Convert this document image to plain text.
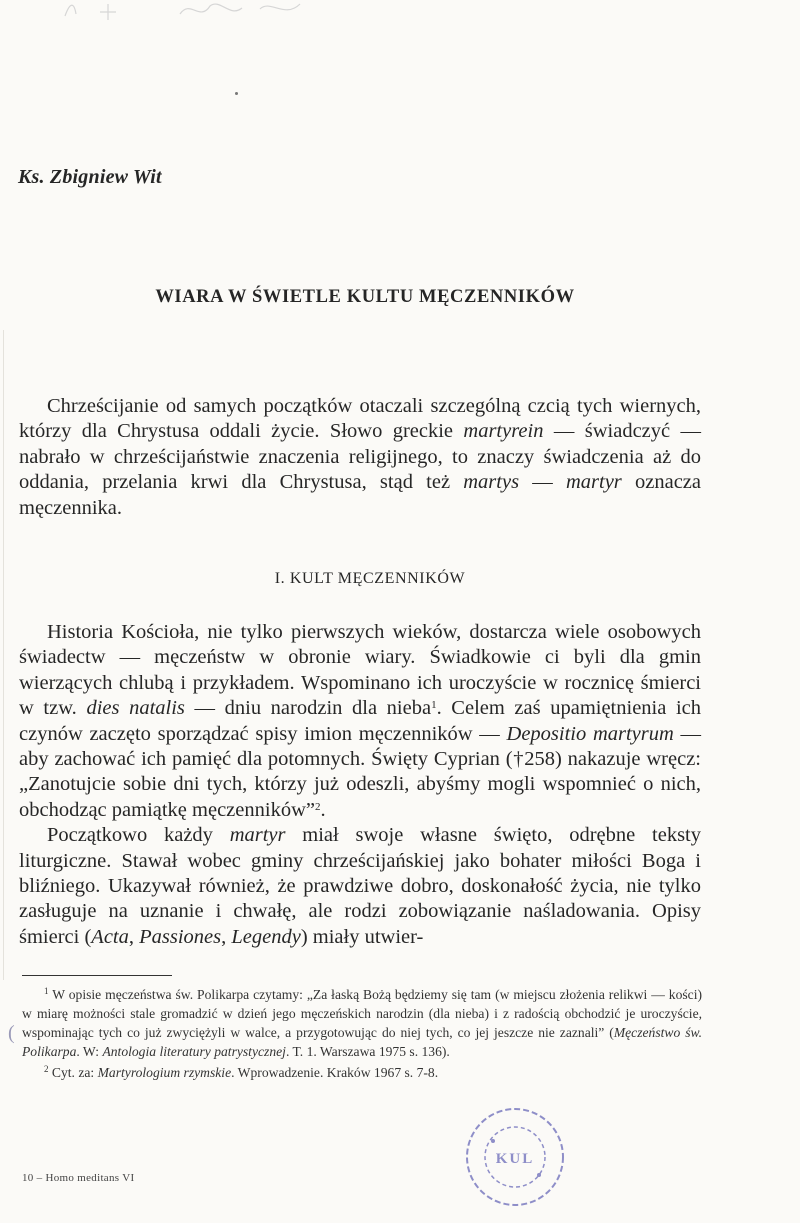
Ks. Zbigniew Wit
WIARA W ŚWIETLE KULTU MĘCZENNIKÓW

Chrześcijanie od samych początków otaczali szczególną czcią tych wiernych, którzy dla Chrystusa oddali życie. Słowo greckie martyrein — świadczyć — nabrało w chrześcijaństwie znaczenia religijnego, to znaczy świadczenia aż do oddania, przelania krwi dla Chrystusa, stąd też martys — martyr oznacza męczennika.

I. KULT MĘCZENNIKÓW

Historia Kościoła, nie tylko pierwszych wieków, dostarcza wiele osobowych świadectw — męczeństw w obronie wiary. Świadkowie ci byli dla gmin wierzących chlubą i przykładem. Wspominano ich uroczyście w rocznicę śmierci w tzw. dies natalis — dniu narodzin dla nieba$^1$. Celem zaś upamiętnienia ich czynów zaczęto sporządzać spisy imion męczenników — Depositio martyrum — aby zachować ich pamięć dla potomnych. Święty Cyprian (†258) nakazuje wręcz: „Zanotujcie sobie dni tych, którzy już odeszli, abyśmy mogli wspomnieć o nich, obchodząc pamiątkę męczenników”$^2$.

Początkowo każdy martyr miał swoje własne święto, odrębne teksty liturgiczne. Stawał wobec gminy chrześcijańskiej jako bohater miłości Boga i bliźniego. Ukazywał również, że prawdziwe dobro, doskonałość życia, nie tylko zasługuje na uznanie i chwałę, ale rodzi zobowiązanie naśladowania. Opisy śmierci (Acta, Passiones, Legendy) miały utwier-

(

$^1$ W opisie męczeństwa św. Polikarpa czytamy: „Za łaską Bożą będziemy się tam (w miejscu złożenia relikwi — kości) w miarę możności stale gromadzić w dzień jego męczeńskich narodzin (dla nieba) i z radością obchodzić je uroczyście, wspominając tych co już zwyciężyli w walce, a przygotowując do niej tych, co jej jeszcze nie zaznali” (Męczeństwo św. Polikarpa. W: Antologia literatury patrystycznej. T. 1. Warszawa 1975 s. 136).

$^2$ Cyt. za: Martyrologium rzymskie. Wprowadzenie. Kraków 1967 s. 7-8.

10 – Homo meditans VI
KUL
